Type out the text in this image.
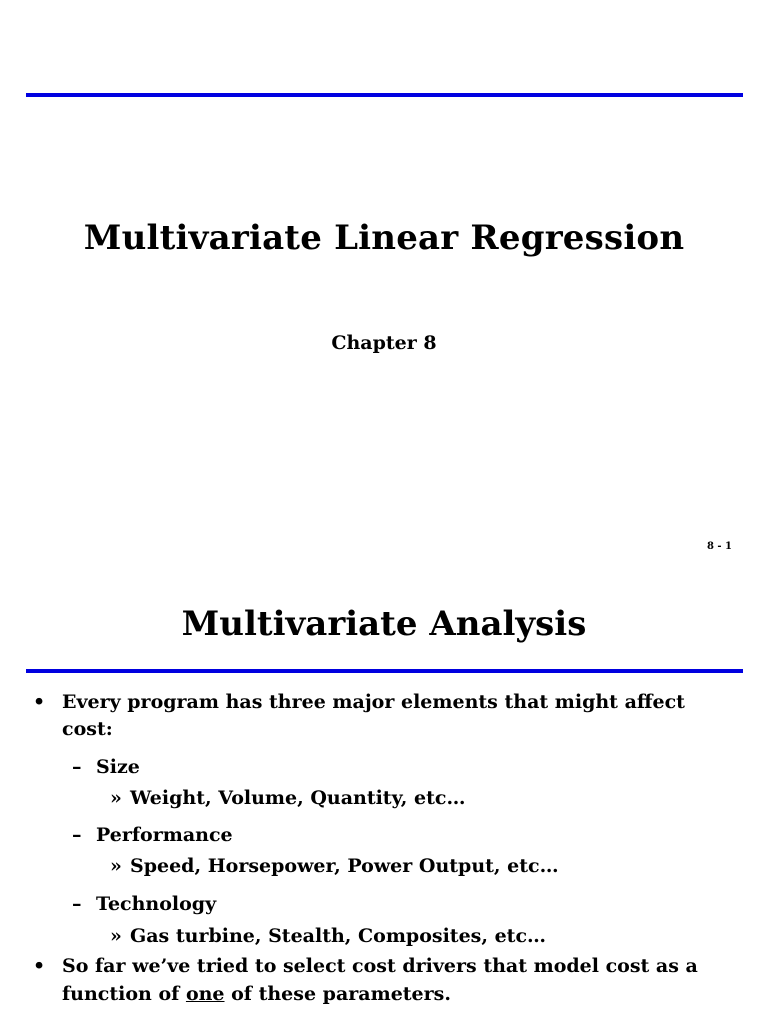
Multivariate Linear Regression
Chapter 8
8 - 1
Multivariate Analysis
• Every program has three major elements that might affect
cost:
– Size
» Weight, Volume, Quantity, etc…
– Performance
» Speed, Horsepower, Power Output, etc…
– Technology
» Gas turbine, Stealth, Composites, etc…
• So far we’ve tried to select cost drivers that model cost as a
function of one of these parameters.
